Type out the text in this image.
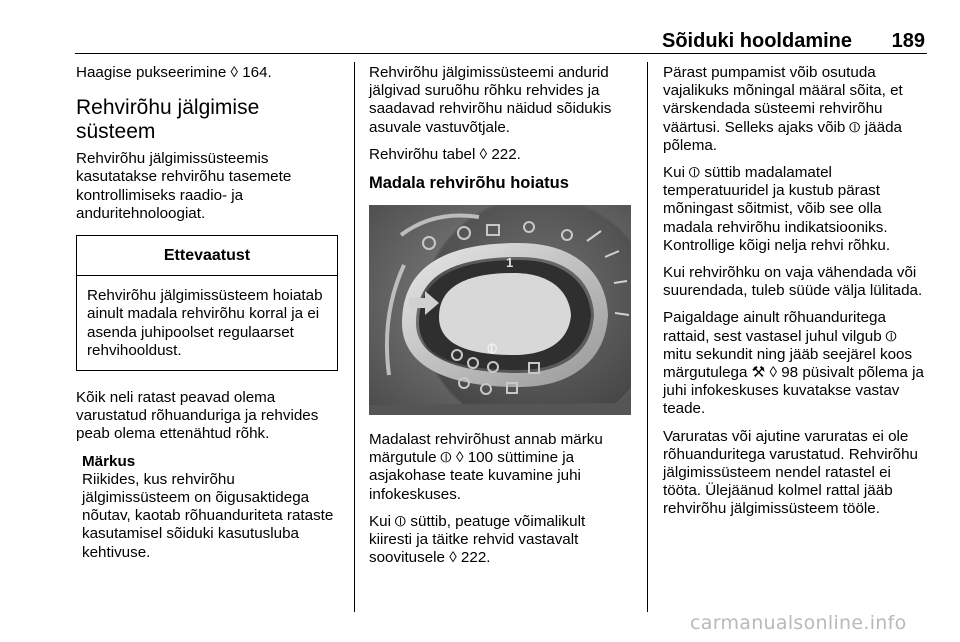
Sõiduki hooldamine 189

Haagise pukseerimine ◊ 164.

Rehvirõhu jälgimise
süsteem

Rehvirõhu jälgimissüsteemis kasutatakse rehvirõhu tasemete kontrollimiseks raadio- ja anduritehnoloogiat.

Ettevaatust
Rehvirõhu jälgimissüsteem hoiatab ainult madala rehvirõhu korral ja ei asenda juhipoolset regulaarset rehvihooldust.

Kõik neli ratast peavad olema varustatud rõhuanduriga ja rehvides peab olema ettenähtud rõhk.

Märkus
Riikides, kus rehvirõhu jälgimissüsteem on õigusaktidega nõutav, kaotab rõhuanduriteta rataste kasutamisel sõiduki kasutusluba kehtivuse.

Rehvirõhu jälgimissüsteemi andurid jälgivad suruõhu rõhku rehvides ja saadavad rehvirõhu näidud sõidukis asuvale vastuvõtjale.

Rehvirõhu tabel ◊ 222.

Madala rehvirõhu hoiatus
1
⦶

Madalast rehvirõhust annab märku märgutule ⦶ ◊ 100 süttimine ja asjakohase teate kuvamine juhi infokeskuses.

Kui ⦶ süttib, peatuge võimalikult kiiresti ja täitke rehvid vastavalt soovitusele ◊ 222.

Pärast pumpamist võib osutuda vajalikuks mõningal määral sõita, et värskendada süsteemi rehvirõhu väärtusi. Selleks ajaks võib ⦶ jääda põlema.

Kui ⦶ süttib madalamatel temperatuuridel ja kustub pärast mõningast sõitmist, võib see olla madala rehvirõhu indikatsiooniks. Kontrollige kõigi nelja rehvi rõhku.

Kui rehvirõhku on vaja vähendada või suurendada, tuleb süüde välja lülitada.

Paigaldage ainult rõhuanduritega rattaid, sest vastasel juhul vilgub ⦶ mitu sekundit ning jääb seejärel koos märgutulega ⚒ ◊ 98 püsivalt põlema ja juhi infokeskuses kuvatakse vastav teade.

Varuratas või ajutine varuratas ei ole rõhuanduritega varustatud. Rehvirõhu jälgimissüsteem nendel ratastel ei tööta. Ülejäänud kolmel rattal jääb rehvirõhu jälgimissüsteem tööle.

carmanualsonline.info
